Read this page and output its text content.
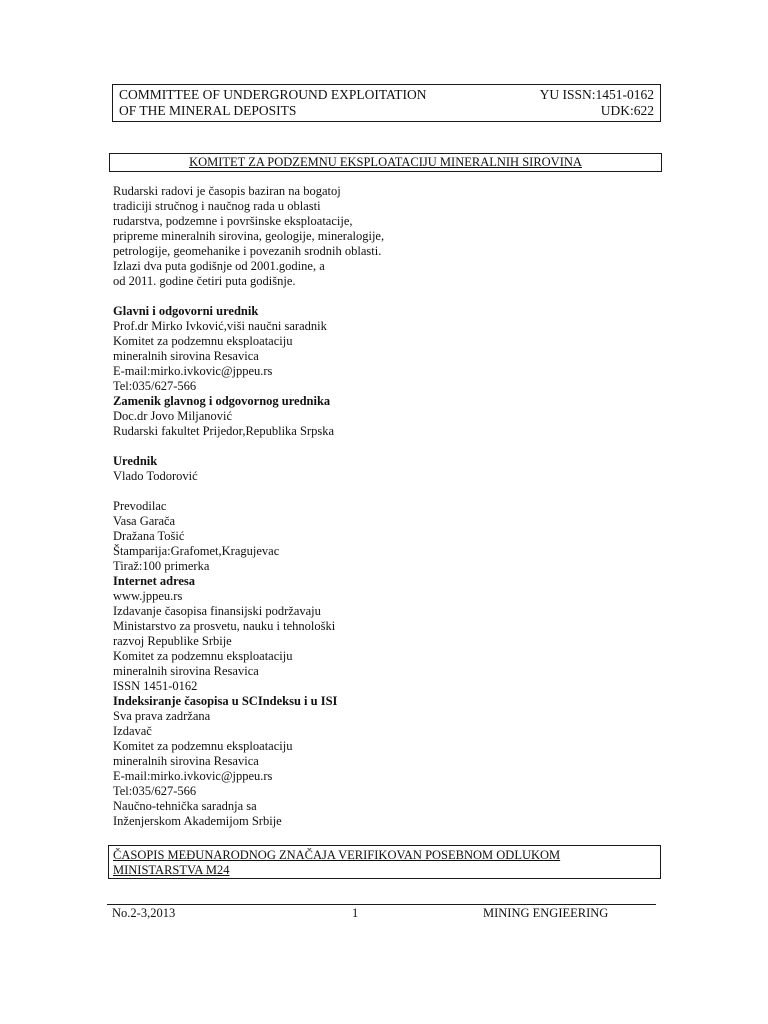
COMMITTEE OF UNDERGROUND EXPLOITATION	YU ISSN:1451-0162
OF THE MINERAL DEPOSITS	UDK:622
KOMITET ZA PODZEMNU EKSPLOATACIJU MINERALNIH SIROVINA
Rudarski radovi je časopis baziran na bogatoj
tradiciji stručnog i naučnog rada u oblasti
rudarstva, podzemne i površinske eksploatacije,
pripreme mineralnih sirovina, geologije, mineralogije,
petrologije, geomehanike i povezanih srodnih oblasti.
Izlazi dva puta godišnje od 2001.godine, a
od 2011. godine četiri puta godišnje.
Glavni i odgovorni urednik
Prof.dr Mirko Ivković,viši naučni saradnik
Komitet za podzemnu eksploataciju
mineralnih sirovina Resavica
E-mail:mirko.ivkovic@jppeu.rs
Tel:035/627-566
Zamenik glavnog i odgovornog urednika
Doc.dr Jovo Miljanović
Rudarski fakultet Prijedor,Republika Srpska
Urednik
Vlado Todorović
Prevodilac
Vasa Garača
Dražana Tošić
Štamparija:Grafomet,Kragujevac
Tiraž:100 primerka
Internet adresa
www.jppeu.rs
Izdavanje časopisa finansijski podržavaju
Ministarstvo za prosvetu, nauku i tehnološki
razvoj Republike Srbije
Komitet za podzemnu eksploataciju
mineralnih sirovina Resavica
ISSN 1451-0162
Indeksiranje časopisa u SCIndeksu i u ISI
Sva prava zadržana
Izdavač
Komitet za podzemnu eksploataciju
mineralnih sirovina Resavica
E-mail:mirko.ivkovic@jppeu.rs
Tel:035/627-566
Naučno-tehnička saradnja sa
Inženjerskom Akademijom Srbije
ČASOPIS MEĐUNARODNOG ZNAČAJA VERIFIKOVAN POSEBNOM ODLUKOM
MINISTARSTVA M24
No.2-3,2013	1	MINING ENGIEERING
